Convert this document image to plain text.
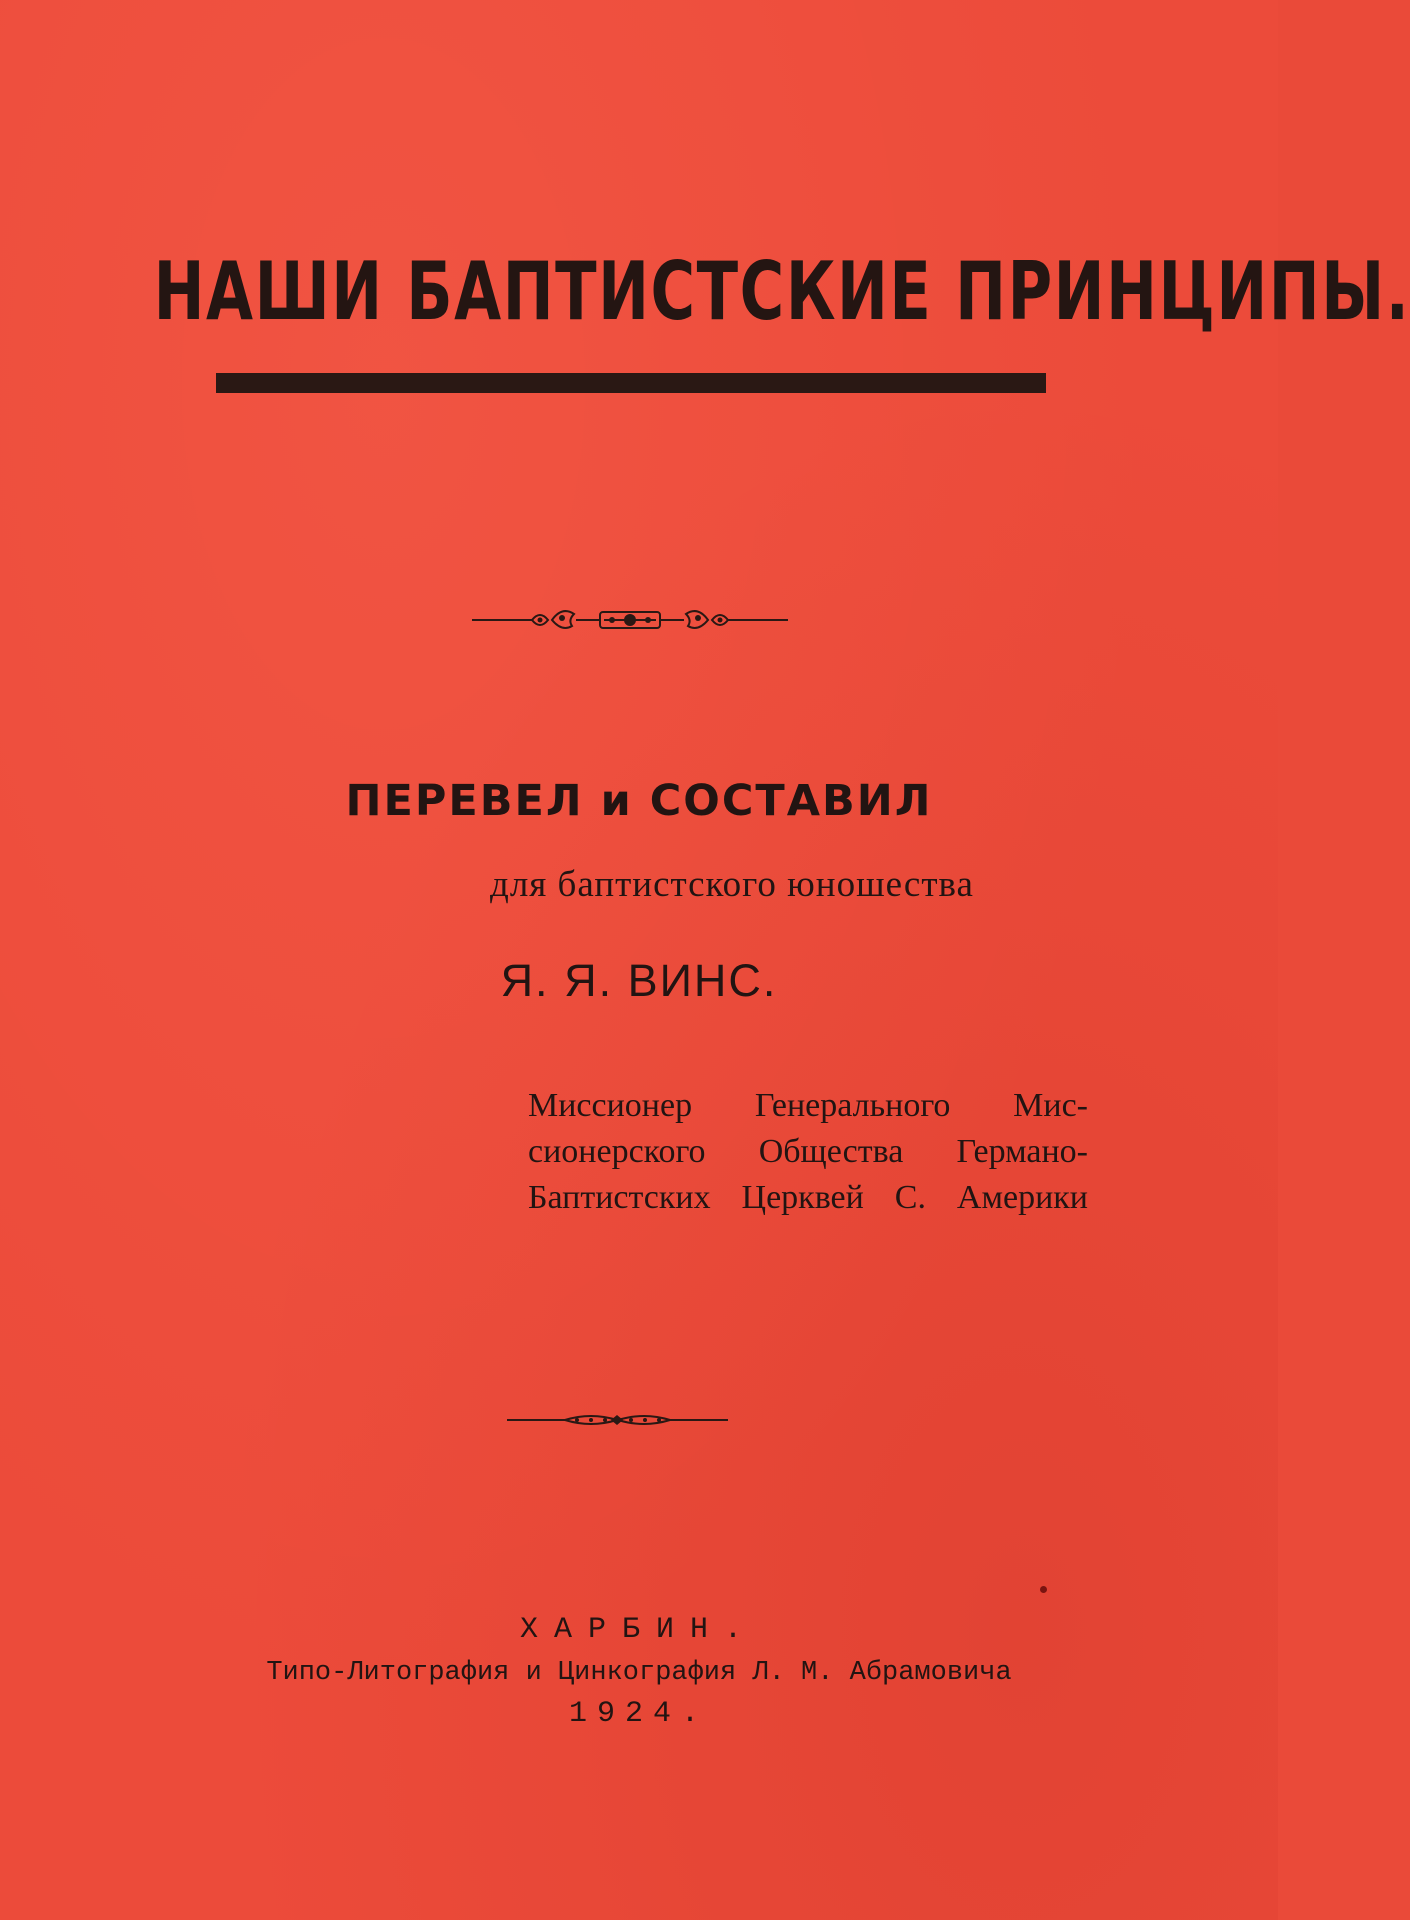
НАШИ БАПТИСТСКИЕ ПРИНЦИПЫ.
ПЕРЕВЕЛ и СОСТАВИЛ
для баптистского юношества
Я. Я. ВИНС.
Миссионер Генерального Мис-
сионерского Общества Германо-
Баптистских Церквей С. Америки
ХАРБИН.
Типо-Литография и Цинкография Л. М. Абрамовича
1924.
